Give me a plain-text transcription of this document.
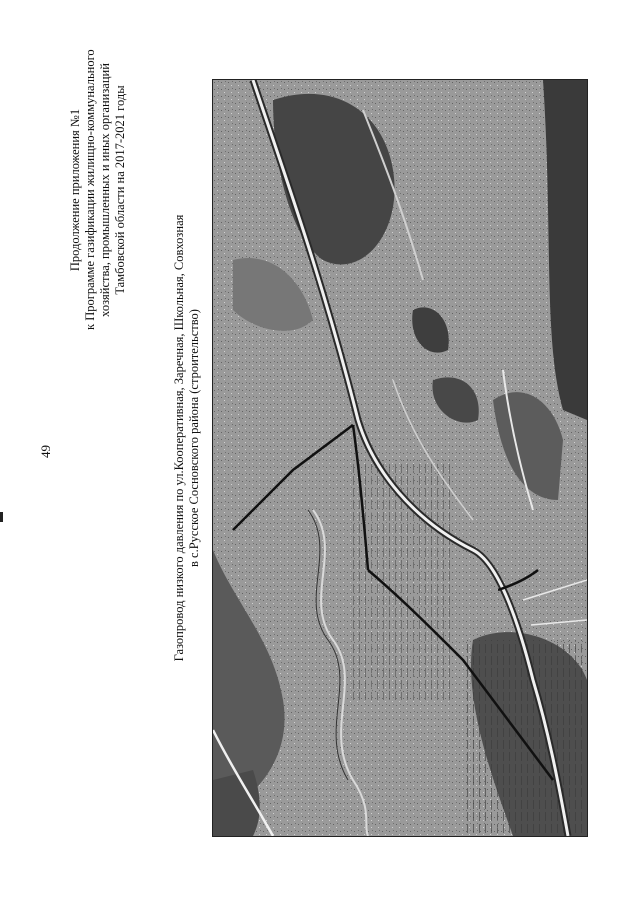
49
Продолжение приложения №1 к Программе газификации жилищно-коммунального хозяйства, промышленных и иных организаций Тамбовской области на 2017-2021 годы
Газопровод низкого давления по ул.Кооперативная, Заречная, Школьная, Совхозная в с.Русское Сосновского района (строительство)
